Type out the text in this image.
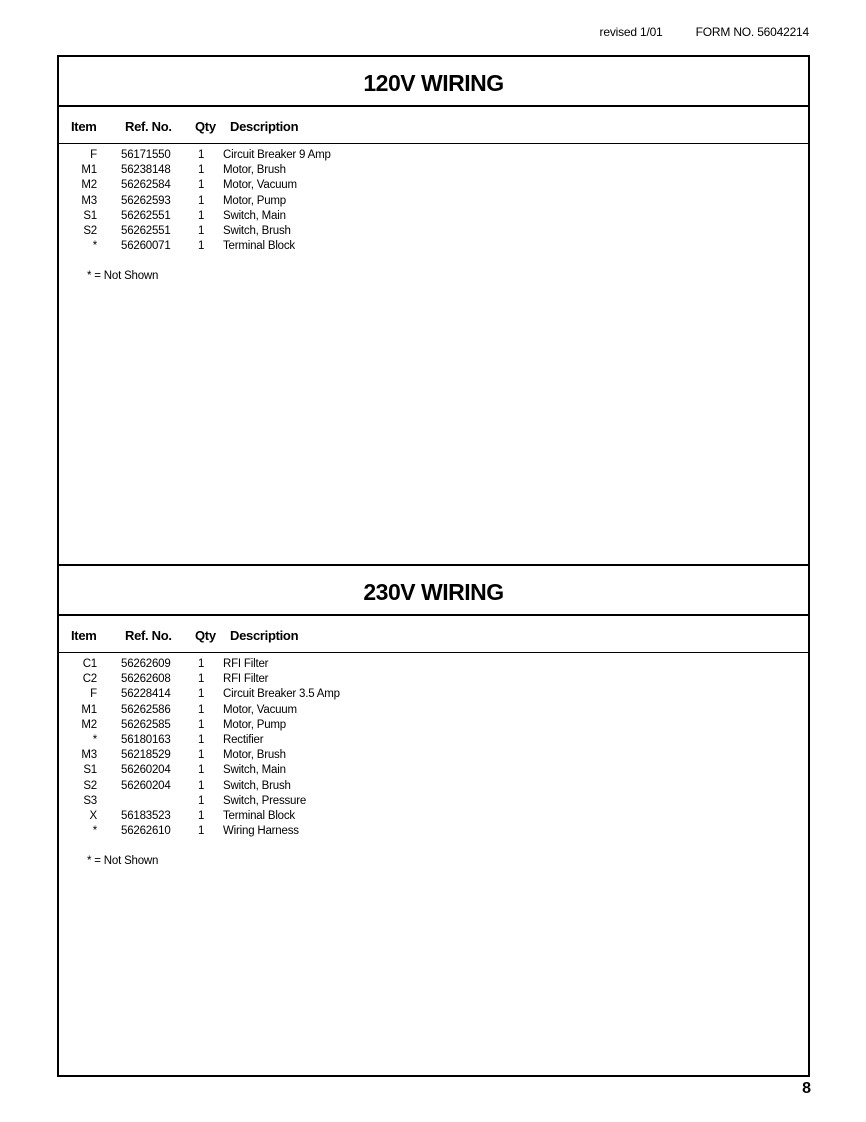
revised 1/01	FORM NO. 56042214
120V WIRING
Item Ref. No. Qty Description
F 56171550 1 Circuit Breaker 9 Amp
M1 56238148 1 Motor, Brush
M2 56262584 1 Motor, Vacuum
M3 56262593 1 Motor, Pump
S1 56262551 1 Switch, Main
S2 56262551 1 Switch, Brush
* 56260071 1 Terminal Block
* = Not Shown
230V WIRING
Item Ref. No. Qty Description
C1 56262609 1 RFI Filter
C2 56262608 1 RFI Filter
F 56228414 1 Circuit Breaker 3.5 Amp
M1 56262586 1 Motor, Vacuum
M2 56262585 1 Motor, Pump
* 56180163 1 Rectifier
M3 56218529 1 Motor, Brush
S1 56260204 1 Switch, Main
S2 56260204 1 Switch, Brush
S3	1 Switch, Pressure
X 56183523 1 Terminal Block
* 56262610 1 Wiring Harness
* = Not Shown
8
